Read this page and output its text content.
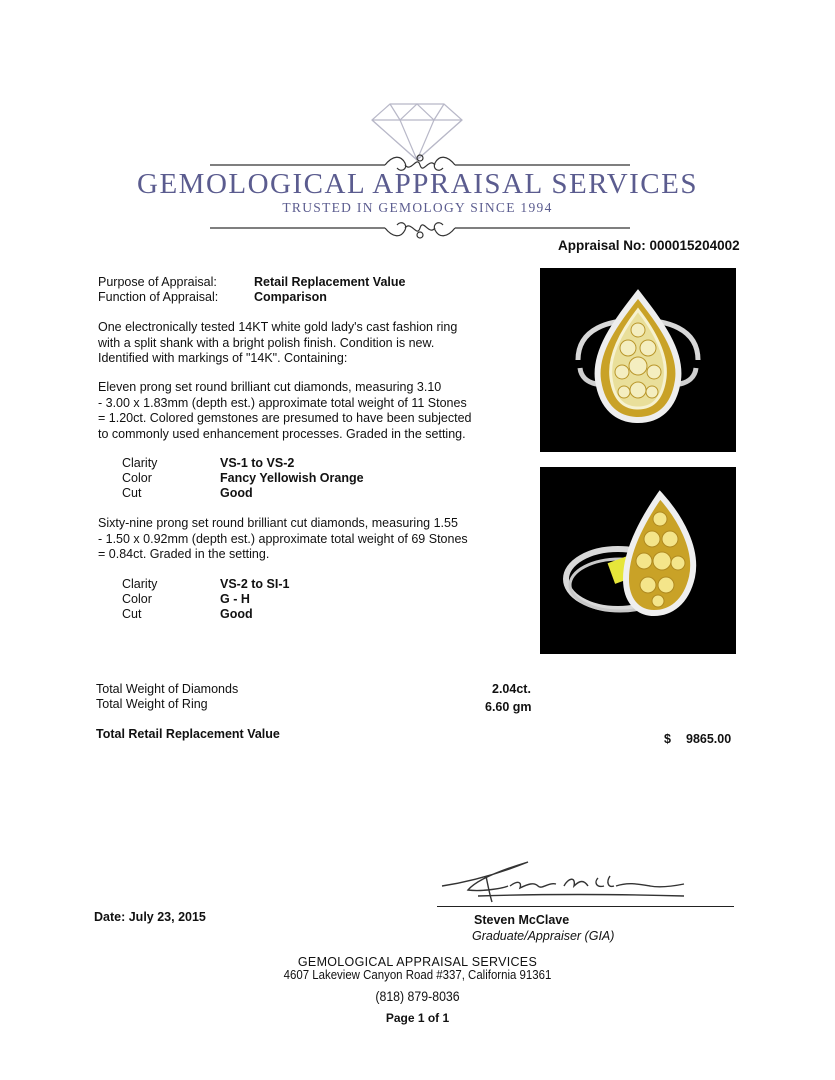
GEMOLOGICAL APPRAISAL SERVICES
TRUSTED IN GEMOLOGY SINCE 1994
Appraisal No: 000015204002
Purpose of Appraisal:	Retail Replacement Value
Function of Appraisal:	Comparison
One electronically tested 14KT white gold lady's cast fashion ring
with a split shank with a bright polish finish. Condition is new.
Identified with markings of "14K". Containing:
Eleven prong set round brilliant cut diamonds, measuring 3.10
- 3.00 x 1.83mm (depth est.) approximate total weight of 11 Stones
= 1.20ct. Colored gemstones are presumed to have been subjected
to commonly used enhancement processes. Graded in the setting.
Clarity	VS-1 to VS-2
Color	Fancy Yellowish Orange
Cut	Good
Sixty-nine prong set round brilliant cut diamonds, measuring 1.55
- 1.50 x 0.92mm (depth est.) approximate total weight of 69 Stones
= 0.84ct. Graded in the setting.
Clarity	VS-2 to SI-1
Color	G - H
Cut	Good
Total Weight of Diamonds	2.04ct.
Total Weight of Ring	6.60 gm
Total Retail Replacement Value	$ 9865.00
Date: July 23, 2015	Steven McClave
Graduate/Appraiser (GIA)
GEMOLOGICAL APPRAISAL SERVICES
4607 Lakeview Canyon Road #337, California 91361
(818) 879-8036
Page 1 of 1
